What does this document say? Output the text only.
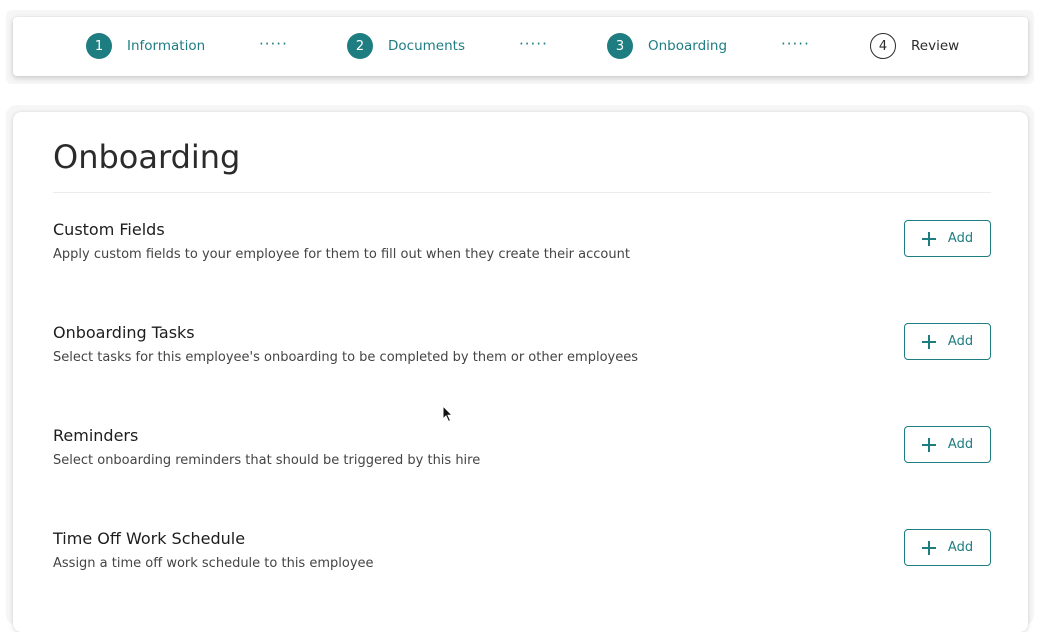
1	Information	·····	2	Documents	·····	3	Onboarding	·····	4	Review
Onboarding
Custom Fields
Apply custom fields to your employee for them to fill out when they create their account
Add
Onboarding Tasks
Select tasks for this employee's onboarding to be completed by them or other employees
Add
Reminders
Select onboarding reminders that should be triggered by this hire
Add
Time Off Work Schedule
Assign a time off work schedule to this employee
Add
